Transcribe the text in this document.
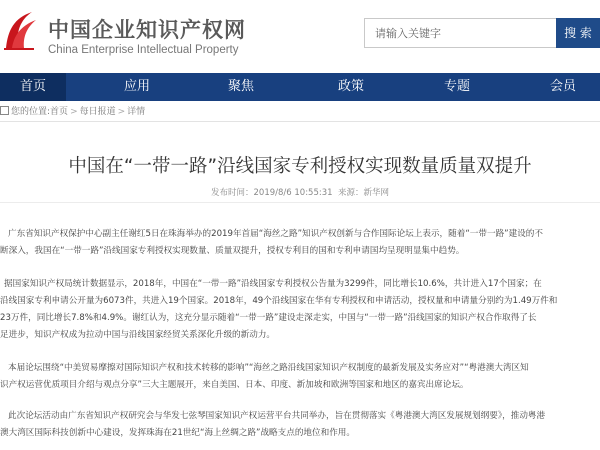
中国企业知识产权网
China Enterprise Intellectual Property
请输入关键字
搜 索
首页	应用	聚焦	政策	专题	会员
您的位置:首页 > 每日报道 > 详情
中国在“一带一路”沿线国家专利授权实现数量质量双提升
发布时间：2019/8/6 10:55:31 来源：新华网
广东省知识产权保护中心副主任谢红5日在珠海举办的2019年首届“海丝之路”知识产权创新与合作国际论坛上表示，随着“一带一路”建设的不
断深入，我国在“一带一路”沿线国家专利授权实现数量、质量双提升，授权专利目的国和专利申请国均呈现明显集中趋势。
据国家知识产权局统计数据显示，2018年，中国在“一带一路”沿线国家专利授权公告量为3299件，同比增长10.6%，共计进入17个国家；在
沿线国家专利申请公开量为6073件，共进入19个国家。2018年，49个沿线国家在华有专利授权和申请活动，授权量和申请量分别约为1.49万件和
23万件，同比增长7.8%和4.9%。谢红认为，这充分显示随着“一带一路”建设走深走实，中国与“一带一路”沿线国家的知识产权合作取得了长
足进步，知识产权成为拉动中国与沿线国家经贸关系深化升级的新动力。
本届论坛围绕“中美贸易摩擦对国际知识产权和技术转移的影响”“海丝之路沿线国家知识产权制度的最新发展及实务应对”“粤港澳大湾区知
识产权运营优质项目介绍与观点分享”三大主题展开，来自美国、日本、印度、新加坡和欧洲等国家和地区的嘉宾出席论坛。
此次论坛活动由广东省知识产权研究会与华发七弦琴国家知识产权运营平台共同举办，旨在贯彻落实《粤港澳大湾区发展规划纲要》，推动粤港
澳大湾区国际科技创新中心建设，发挥珠海在21世纪“海上丝绸之路”战略支点的地位和作用。
